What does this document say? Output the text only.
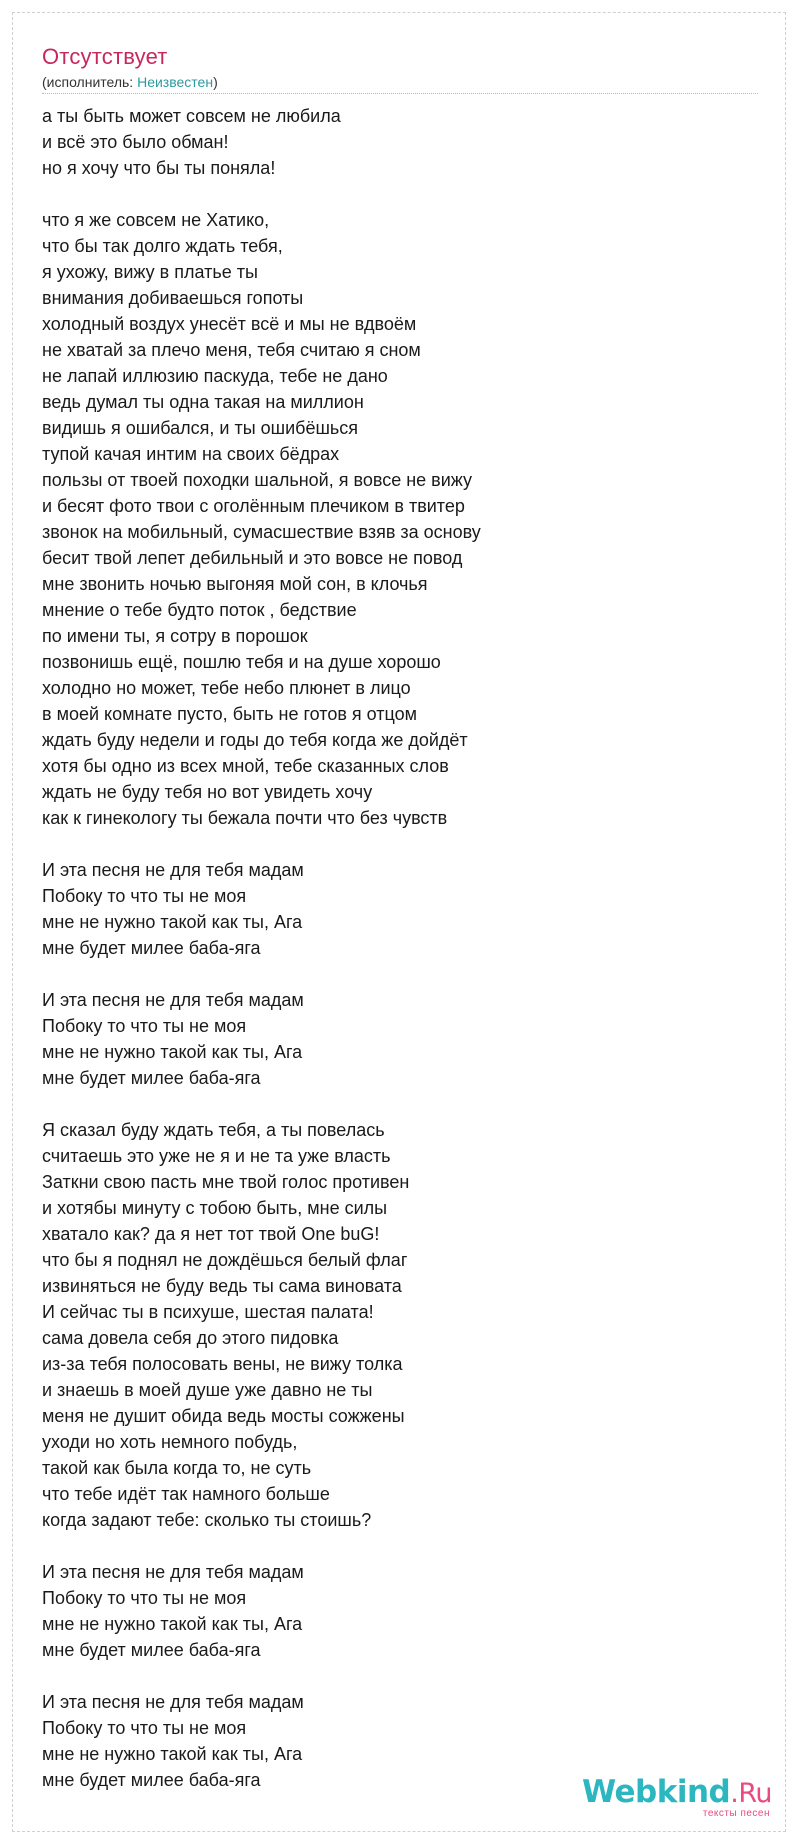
Отсутствует
(исполнитель: Неизвестен)
а ты быть может совсем не любила
и всё это было обман!
но я хочу что бы ты поняла!
что я же совсем не Хатико,
что бы так долго ждать тебя,
я ухожу, вижу в платье ты
внимания добиваешься гопоты
холодный воздух унесёт всё и мы не вдвоём
не хватай за плечо меня, тебя считаю я сном
не лапай иллюзию паскуда, тебе не дано
ведь думал ты одна такая на миллион
видишь я ошибался, и ты ошибёшься
тупой качая интим на своих бёдрах
пользы от твоей походки шальной, я вовсе не вижу
и бесят фото твои с оголённым плечиком в твитер
звонок на мобильный, сумасшествие взяв за основу
бесит твой лепет дебильный и это вовсе не повод
мне звонить ночью выгоняя мой сон, в клочья
мнение о тебе будто поток , бедствие
по имени ты, я сотру в порошок
позвонишь ещё, пошлю тебя и на душе хорошо
холодно но может, тебе небо плюнет в лицо
в моей комнате пусто, быть не готов я отцом
ждать буду недели и годы до тебя когда же дойдёт
хотя бы одно из всех мной, тебе сказанных слов
ждать не буду тебя но вот увидеть хочу
как к гинекологу ты бежала почти что без чувств
И эта песня не для тебя мадам
Побоку то что ты не моя
мне не нужно такой как ты, Ага
мне будет милее баба-яга
И эта песня не для тебя мадам
Побоку то что ты не моя
мне не нужно такой как ты, Ага
мне будет милее баба-яга
Я сказал буду ждать тебя, а ты повелась
считаешь это уже не я и не та уже власть
Заткни свою пасть мне твой голос противен
и хотябы минуту с тобою быть, мне силы
хватало как? да я нет тот твой One buG!
что бы я поднял не дождёшься белый флаг
извиняться не буду ведь ты сама виновата
И сейчас ты в психуше, шестая палата!
сама довела себя до этого пидовка
из-за тебя полосовать вены, не вижу толка
и знаешь в моей душе уже давно не ты
меня не душит обида ведь мосты сожжены
уходи но хоть немного побудь,
такой как была когда то, не суть
что тебе идёт так намного больше
когда задают тебе: сколько ты стоишь?
И эта песня не для тебя мадам
Побоку то что ты не моя
мне не нужно такой как ты, Ага
мне будет милее баба-яга
И эта песня не для тебя мадам
Побоку то что ты не моя
мне не нужно такой как ты, Ага
мне будет милее баба-яга	Webkind.Ru
тексты песен
